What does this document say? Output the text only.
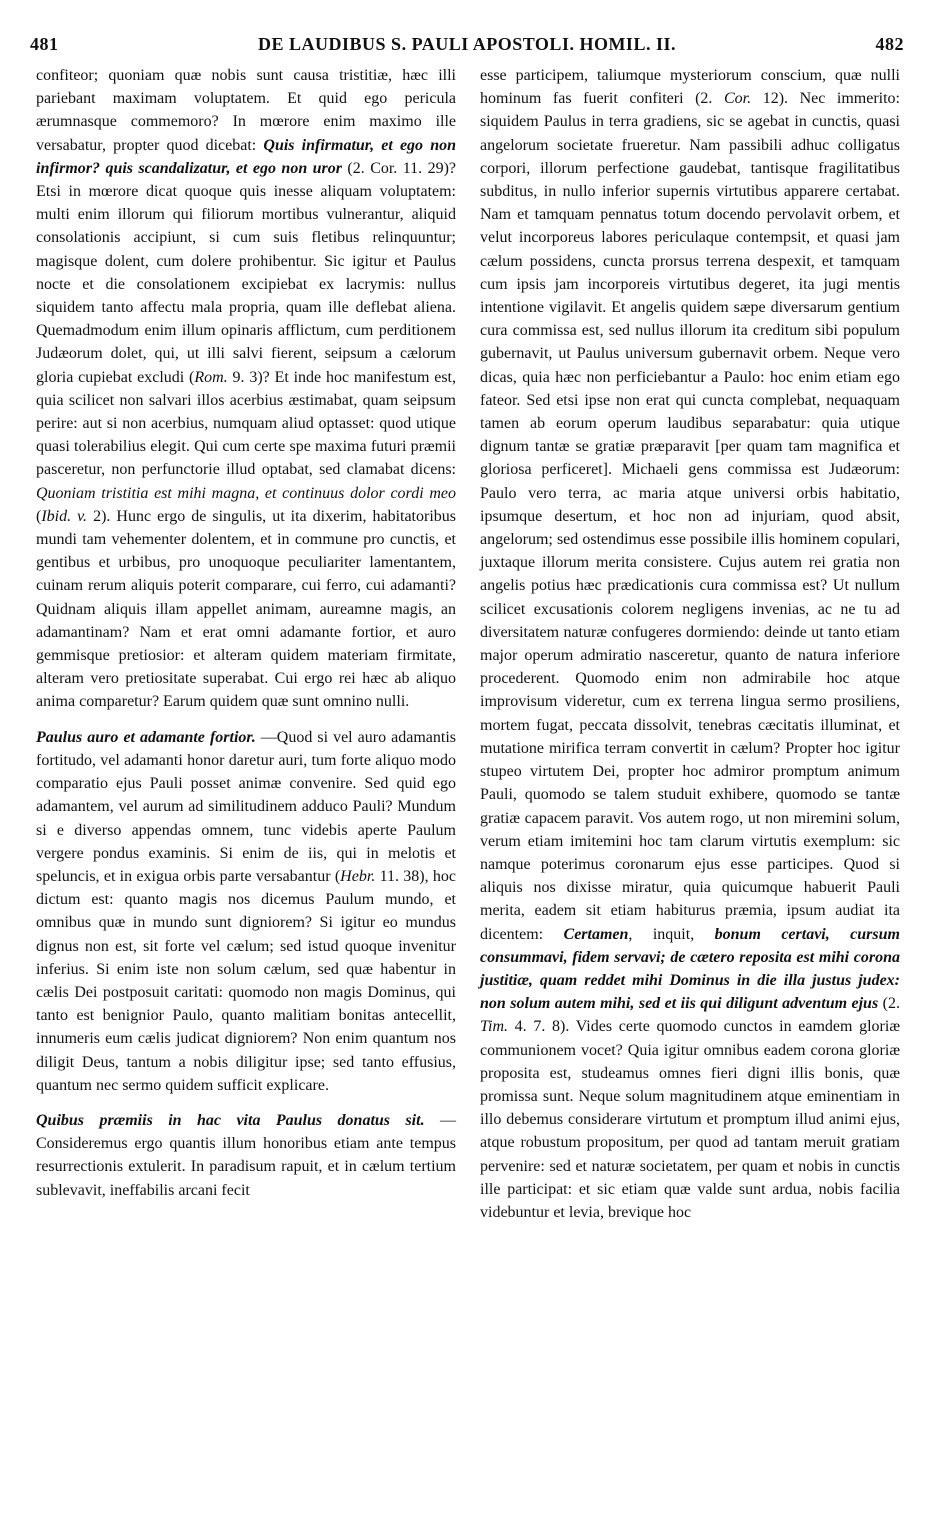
481	DE LAUDIBUS S. PAULI APOSTOLI. HOMIL. II.	482

confiteor; quoniam quæ nobis sunt causa tristitiæ, hæc illi pariebant maximam voluptatem. Et quid ego pericula ærumnasque commemoro? In mœrore enim maximo ille versabatur, propter quod dicebat: Quis infirmatur, et ego non infirmor? quis scandalizatur, et ego non uror (2. Cor. 11. 29)? Etsi in mœrore dicat quoque quis inesse aliquam voluptatem: multi enim illorum qui filiorum mortibus vulnerantur, aliquid consolationis accipiunt, si cum suis fletibus relinquuntur; magisque dolent, cum dolere prohibentur. Sic igitur et Paulus nocte et die consolationem excipiebat ex lacrymis: nullus siquidem tanto affectu mala propria, quam ille deflebat aliena. Quemadmodum enim illum opinaris afflictum, cum perditionem Judæorum dolet, qui, ut illi salvi fierent, seipsum a cælorum gloria cupiebat excludi (Rom. 9. 3)? Et inde hoc manifestum est, quia scilicet non salvari illos acerbius æstimabat, quam seipsum perire: aut si non acerbius, numquam aliud optasset: quod utique quasi tolerabilius elegit. Qui cum certe spe maxima futuri præmii pasceretur, non perfunctorie illud optabat, sed clamabat dicens: Quoniam tristitia est mihi magna, et continuus dolor cordi meo (Ibid. v. 2). Hunc ergo de singulis, ut ita dixerim, habitatoribus mundi tam vehementer dolentem, et in commune pro cunctis, et gentibus et urbibus, pro unoquoque peculiariter lamentantem, cuinam rerum aliquis poterit comparare, cui ferro, cui adamanti? Quidnam aliquis illam appellet animam, aureamne magis, an adamantinam? Nam et erat omni adamante fortior, et auro gemmisque pretiosior: et alteram quidem materiam firmitate, alteram vero pretiositate superabat. Cui ergo rei hæc ab aliquo anima comparetur? Earum quidem quæ sunt omnino nulli.

Paulus auro et adamante fortior. —Quod si vel auro adamantis fortitudo, vel adamanti honor daretur auri, tum forte aliquo modo comparatio ejus Pauli posset animæ convenire. Sed quid ego adamantem, vel aurum ad similitudinem adduco Pauli? Mundum si e diverso appendas omnem, tunc videbis aperte Paulum vergere pondus examinis. Si enim de iis, qui in melotis et speluncis, et in exigua orbis parte versabantur (Hebr. 11. 38), hoc dictum est: quanto magis nos dicemus Paulum mundo, et omnibus quæ in mundo sunt digniorem? Si igitur eo mundus dignus non est, sit forte vel cælum; sed istud quoque invenitur inferius. Si enim iste non solum cælum, sed quæ habentur in cælis Dei postposuit caritati: quomodo non magis Dominus, qui tanto est benignior Paulo, quanto malitiam bonitas antecellit, innumeris eum cælis judicat digniorem? Non enim quantum nos diligit Deus, tantum a nobis diligitur ipse; sed tanto effusius, quantum nec sermo quidem sufficit explicare.

Quibus præmiis in hac vita Paulus donatus sit. — Consideremus ergo quantis illum honoribus etiam ante tempus resurrectionis extulerit. In paradisum rapuit, et in cælum tertium sublevavit, ineffabilis arcani fecit

esse participem, taliumque mysteriorum conscium, quæ nulli hominum fas fuerit confiteri (2. Cor. 12). Nec immerito: siquidem Paulus in terra gradiens, sic se agebat in cunctis, quasi angelorum societate frueretur. Nam passibili adhuc colligatus corpori, illorum perfectione gaudebat, tantisque fragilitatibus subditus, in nullo inferior supernis virtutibus apparere certabat. Nam et tamquam pennatus totum docendo pervolavit orbem, et velut incorporeus labores periculaque contempsit, et quasi jam cælum possidens, cuncta prorsus terrena despexit, et tamquam cum ipsis jam incorporeis virtutibus degeret, ita jugi mentis intentione vigilavit. Et angelis quidem sæpe diversarum gentium cura commissa est, sed nullus illorum ita creditum sibi populum gubernavit, ut Paulus universum gubernavit orbem. Neque vero dicas, quia hæc non perficiebantur a Paulo: hoc enim etiam ego fateor. Sed etsi ipse non erat qui cuncta complebat, nequaquam tamen ab eorum operum laudibus separabatur: quia utique dignum tantæ se gratiæ præparavit [per quam tam magnifica et gloriosa perficeret]. Michaeli gens commissa est Judæorum: Paulo vero terra, ac maria atque universi orbis habitatio, ipsumque desertum, et hoc non ad injuriam, quod absit, angelorum; sed ostendimus esse possibile illis hominem copulari, juxtaque illorum merita consistere. Cujus autem rei gratia non angelis potius hæc prædicationis cura commissa est? Ut nullum scilicet excusationis colorem negligens invenias, ac ne tu ad diversitatem naturæ confugeres dormiendo: deinde ut tanto etiam major operum admiratio nasceretur, quanto de natura inferiore procederent. Quomodo enim non admirabile hoc atque improvisum videretur, cum ex terrena lingua sermo prosiliens, mortem fugat, peccata dissolvit, tenebras cæcitatis illuminat, et mutatione mirifica terram convertit in cælum? Propter hoc igitur stupeo virtutem Dei, propter hoc admiror promptum animum Pauli, quomodo se talem studuit exhibere, quomodo se tantæ gratiæ capacem paravit. Vos autem rogo, ut non miremini solum, verum etiam imitemini hoc tam clarum virtutis exemplum: sic namque poterimus coronarum ejus esse participes. Quod si aliquis nos dixisse miratur, quia quicumque habuerit Pauli merita, eadem sit etiam habiturus præmia, ipsum audiat ita dicentem: Certamen, inquit, bonum certavi, cursum consummavi, fidem servavi; de cætero reposita est mihi corona justitiæ, quam reddet mihi Dominus in die illa justus judex: non solum autem mihi, sed et iis qui diligunt adventum ejus (2. Tim. 4. 7. 8). Vides certe quomodo cunctos in eamdem gloriæ communionem vocet? Quia igitur omnibus eadem corona gloriæ proposita est, studeamus omnes fieri digni illis bonis, quæ promissa sunt. Neque solum magnitudinem atque eminentiam in illo debemus considerare virtutum et promptum illud animi ejus, atque robustum propositum, per quod ad tantam meruit gratiam pervenire: sed et naturæ societatem, per quam et nobis in cunctis ille participat: et sic etiam quæ valde sunt ardua, nobis facilia videbuntur et levia, brevique hoc
